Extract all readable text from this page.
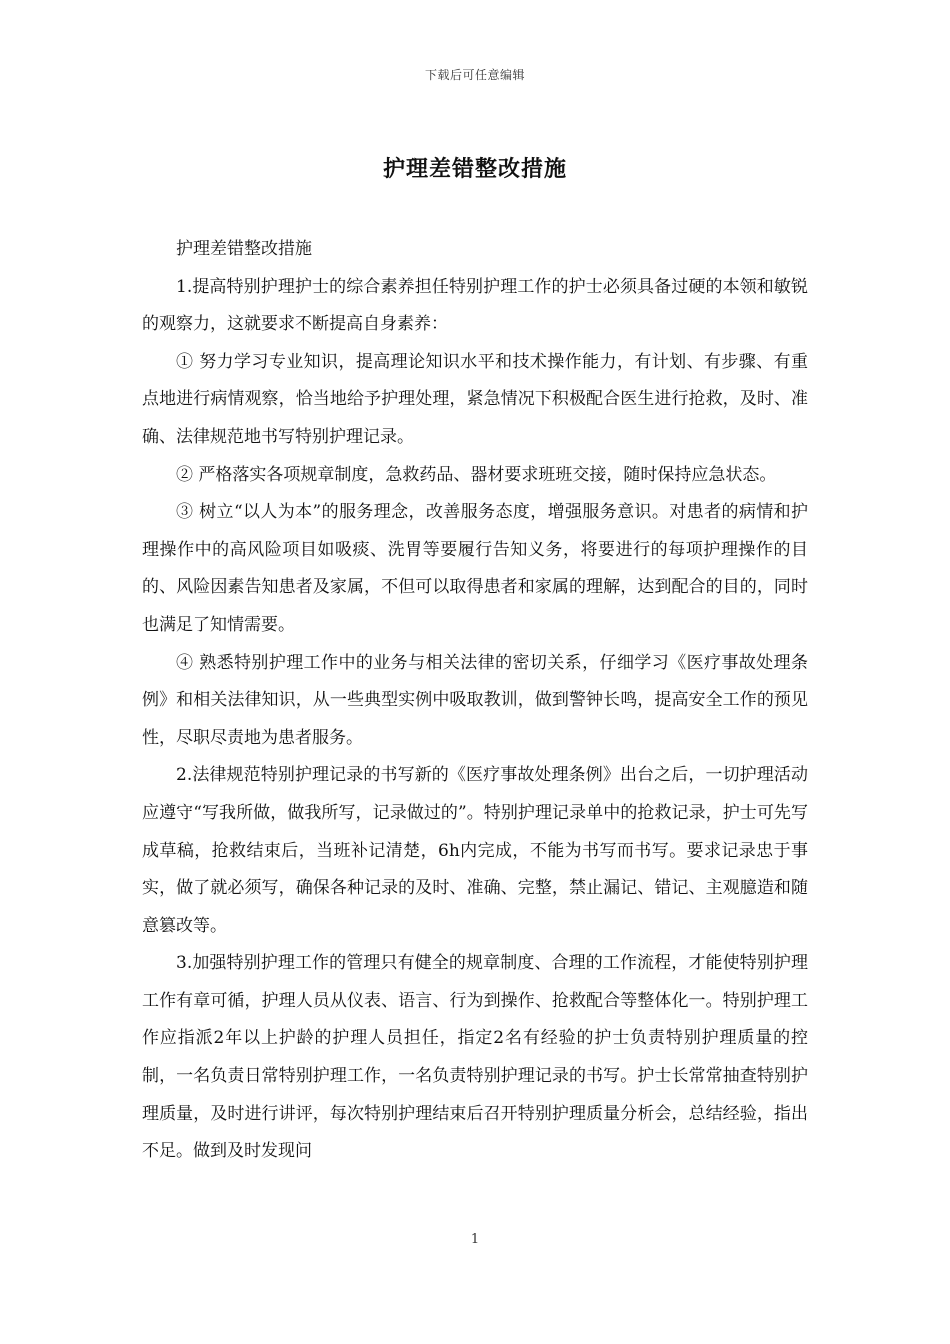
下载后可任意编辑
护理差错整改措施

护理差错整改措施

1.提高特别护理护士的综合素养担任特别护理工作的护士必须具备过硬的本领和敏锐的观察力，这就要求不断提高自身素养：

① 努力学习专业知识，提高理论知识水平和技术操作能力，有计划、有步骤、有重点地进行病情观察，恰当地给予护理处理，紧急情况下积极配合医生进行抢救，及时、准确、法律规范地书写特别护理记录。

② 严格落实各项规章制度，急救药品、器材要求班班交接，随时保持应急状态。

③ 树立“以人为本”的服务理念，改善服务态度，增强服务意识。对患者的病情和护理操作中的高风险项目如吸痰、洗胃等要履行告知义务，将要进行的每项护理操作的目的、风险因素告知患者及家属，不但可以取得患者和家属的理解，达到配合的目的，同时也满足了知情需要。

④ 熟悉特别护理工作中的业务与相关法律的密切关系，仔细学习《医疗事故处理条例》和相关法律知识，从一些典型实例中吸取教训，做到警钟长鸣，提高安全工作的预见性，尽职尽责地为患者服务。

2.法律规范特别护理记录的书写新的《医疗事故处理条例》出台之后，一切护理活动应遵守“写我所做，做我所写，记录做过的”。特别护理记录单中的抢救记录，护士可先写成草稿，抢救结束后，当班补记清楚，6h内完成，不能为书写而书写。要求记录忠于事实，做了就必须写，确保各种记录的及时、准确、完整，禁止漏记、错记、主观臆造和随意篡改等。

3.加强特别护理工作的管理只有健全的规章制度、合理的工作流程，才能使特别护理工作有章可循，护理人员从仪表、语言、行为到操作、抢救配合等整体化一。特别护理工作应指派2年以上护龄的护理人员担任，指定2名有经验的护士负责特别护理质量的控制，一名负责日常特别护理工作，一名负责特别护理记录的书写。护士长常常抽查特别护理质量，及时进行讲评，每次特别护理结束后召开特别护理质量分析会，总结经验，指出不足。做到及时发现问

1
